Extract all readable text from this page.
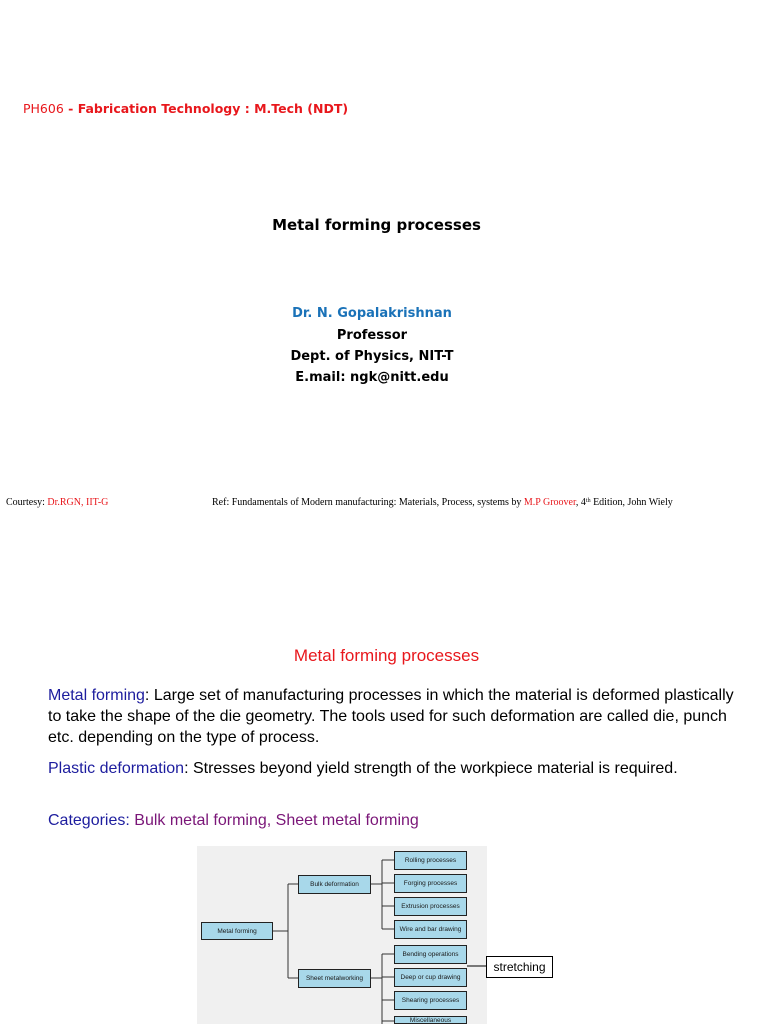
PH606 - Fabrication Technology : M.Tech (NDT)
Metal forming processes
Dr. N. Gopalakrishnan
Professor
Dept. of Physics, NIT-T
E.mail: ngk@nitt.edu
Courtesy: Dr.RGN, IIT-G	Ref: Fundamentals of Modern manufacturing: Materials, Process, systems by M.P Groover, 4th Edition, John Wiely
Metal forming processes
Metal forming: Large set of manufacturing processes in which the material is deformed plastically to take the shape of the die geometry. The tools used for such deformation are called die, punch etc. depending on the type of process.
Plastic deformation: Stresses beyond yield strength of the workpiece material is required.
Categories: Bulk metal forming, Sheet metal forming
Metal forming
Bulk deformation
Sheet metalworking
Rolling processes
Forging processes
Extrusion processes
Wire and bar drawing
Bending operations
Deep or cup drawing
Shearing processes
Miscellaneous
stretching
